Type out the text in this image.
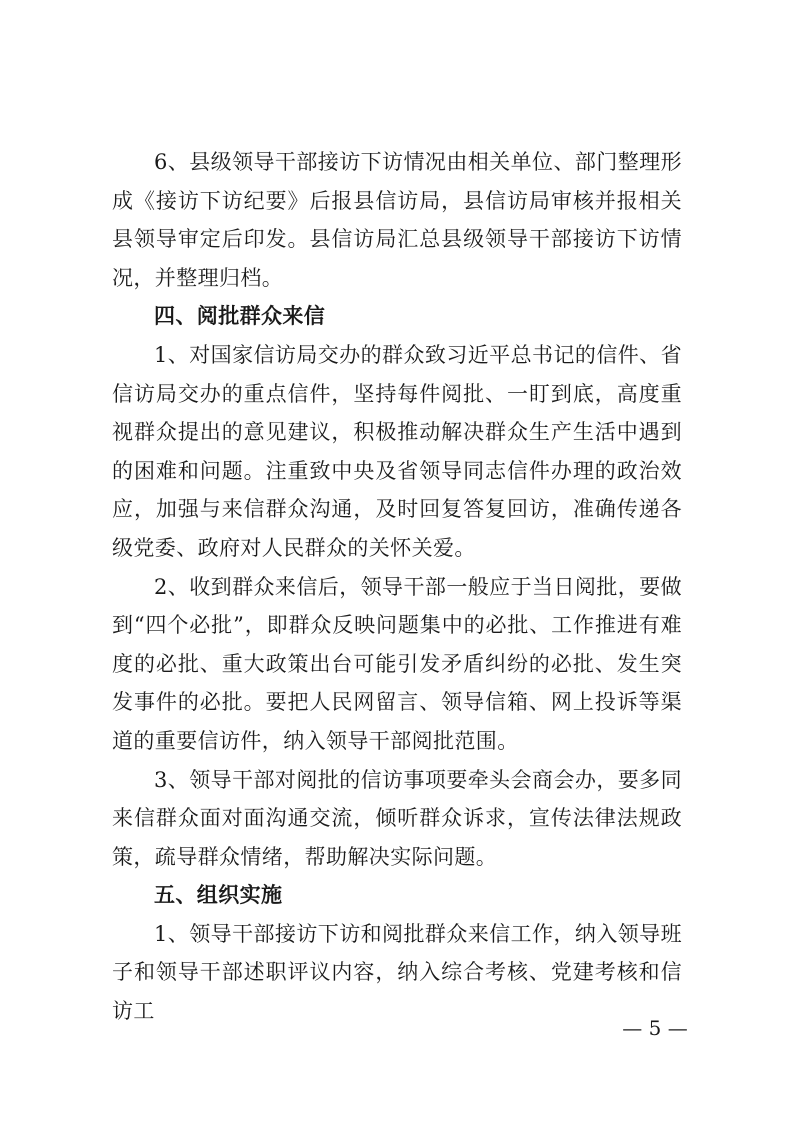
6、县级领导干部接访下访情况由相关单位、部门整理形成《接访下访纪要》后报县信访局，县信访局审核并报相关县领导审定后印发。县信访局汇总县级领导干部接访下访情况，并整理归档。

四、阅批群众来信

1、对国家信访局交办的群众致习近平总书记的信件、省信访局交办的重点信件，坚持每件阅批、一盯到底，高度重视群众提出的意见建议，积极推动解决群众生产生活中遇到的困难和问题。注重致中央及省领导同志信件办理的政治效应，加强与来信群众沟通，及时回复答复回访，准确传递各级党委、政府对人民群众的关怀关爱。

2、收到群众来信后，领导干部一般应于当日阅批，要做到“四个必批”，即群众反映问题集中的必批、工作推进有难度的必批、重大政策出台可能引发矛盾纠纷的必批、发生突发事件的必批。要把人民网留言、领导信箱、网上投诉等渠道的重要信访件，纳入领导干部阅批范围。

3、领导干部对阅批的信访事项要牵头会商会办，要多同来信群众面对面沟通交流，倾听群众诉求，宣传法律法规政策，疏导群众情绪，帮助解决实际问题。

五、组织实施

1、领导干部接访下访和阅批群众来信工作，纳入领导班子和领导干部述职评议内容，纳入综合考核、党建考核和信访工

— 5 —
